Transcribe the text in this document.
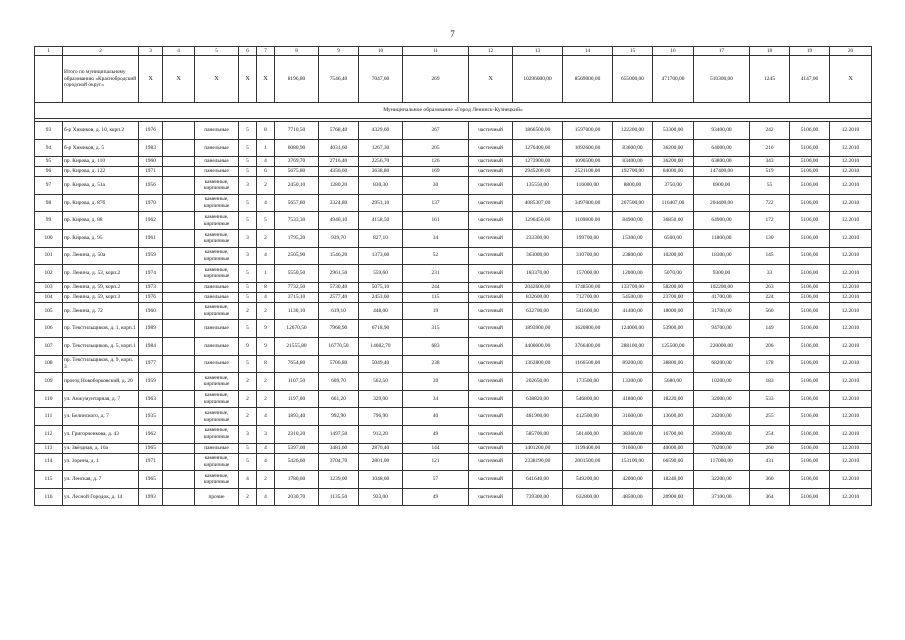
7
1	2	3	4	5	6	7	8	9	10	11	12	13	14	15	16	17	18	19	20
	Итого по муниципальному образованию «Краснобродский городской округ»	X	X	X	X	X	8196,80	7546,40	7047,60	269	X	10296000,00	8569000,00	655000,00	471700,00	510300,00	1245	4147,00	X
Муниципальное образование «Город Ленинск-Кузнецкий»																			

93	б-р Химиков, д. 10, корп.2	1976		панельные	5	8	7710,50	5768,40	4329,60	267	частичный	1866500,00	1597000,00	122200,00	53300,00	93400,00	242	5106,00	12.2010
94	б-р Химиков, д. 5	1983		панельные	5	1	6080,90	4031,60	1267,30	205	частичный	1276400,00	1092600,00	83600,00	36200,00	64000,00	210	5106,00	12.2010
95	пр. Кирова, д. 110	1960		панельные	5	4	3769,70	2716,40	2256,70	126	частичный	1273900,00	1090500,00	83400,00	36200,00	63800,00	343	5106,00	12.2010
96	пр. Кирова, д. 122	1971		панельные	5	6	5675,80	4356,60	3638,80	169	частичный	2945200,00	2521100,00	192700,00	84000,00	147400,00	519	5106,00	12.2010
97	пр. Кирова, д. 51а	1956		каменные, кирпичные	3	2	2450,10	1280,20	830,30	30	частичный	135550,00	116000,00	8800,00	3750,00	6900,00	55	5106,00	12.2010
98	пр. Кирова, д. 87б	1970		каменные, кирпичные	5	4	5657,80	3324,80	2951,10	137	частичный	4085307,00	3497000,00	267500,00	116407,00	204400,00	722	5106,00	12.2010
99	пр. Кирова, д. 88	1962		каменные, кирпичные	5	5	7533,30	4940,10	4158,50	161	частичный	1296450,00	1109800,00	84900,00	36850,00	64900,00	172	5106,00	12.2010
100	пр. Кирова, д. 95	1961		каменные, кирпичные	3	2	1795,20	939,70	827,10	34	частичный	233300,00	199700,00	15300,00	6500,00	11800,00	130	5106,00	12.2010
101	пр. Ленина, д. 50а	1959		каменные, кирпичные	3	4	2505,90	1546,20	1373,60	52	частичный	363000,00	310700,00	23800,00	10200,00	18300,00	145	5106,00	12.2010
102	пр. Ленина, д. 53, корп.2	1974		каменные, кирпичные	5	1	5550,50	2961,50	559,60	231	частичный	183370,00	157000,00	12000,00	5070,00	9300,00	33	5106,00	12.2010
103	пр. Ленина, д. 59, корп.2	1973		панельные	5	8	7732,50	5730,40	5075,10	244	частичный	2042600,00	1748500,00	133700,00	58200,00	102200,00	263	5106,00	12.2010
104	пр. Ленина, д. 59, корп.3	1976		панельные	5	4	3715,10	2577,40	2453,60	115	частичный	832600,00	712700,00	54500,00	23700,00	41700,00	224	5106,00	12.2010
105	пр. Ленина, д. 72	1960		каменные, кирпичные	2	2	1130,10	619,10	448,00	19	частичный	632700,00	541600,00	41400,00	18000,00	31700,00	560	5106,00	12.2010
106	пр. Текстильщиков, д. 1, корп.1	1989		панельные	5	9	12670,50	7968,90	6718,90	315	частичный	1893900,00	1620800,00	124000,00	53900,00	94700,00	149	5106,00	12.2010
107	пр. Текстильщиков, д. 5, корп.1	1984		панельные	9	9	21555,80	16770,50	14682,70	683	частичный	4400000,00	3766400,00	288100,00	125500,00	220000,00	206	5106,00	12.2010
108	пр. Текстильщиков, д. 9, корп. 3	1977		панельные	5	8	7654,80	5706,80	5049,40	238	частичный	1362800,00	1166500,00	89200,00	38800,00	68200,00	178	5106,00	12.2010
109	проезд Новоборковский, д. 20	1959		каменные, кирпичные	2	2	1107,50	609,70	562,50	39	частичный	202650,00	173500,00	13300,00	5680,00	10200,00	183	5106,00	12.2010
110	ул. Анжумунтарная, д. 7	1963		каменные, кирпичные	2	2	1197,00	661,20	329,00	34	частичный	638820,00	546800,00	41800,00	18220,00	32000,00	533	5106,00	12.2010
111	ул. Белинского, д. 7	1935		каменные, кирпичные	2	4	1893,40	992,90	796,90	40	частичный	481900,00	412500,00	31600,00	13600,00	24200,00	255	5106,00	12.2010
112	ул. Григорченкова, д. 43	1962		каменные, кирпичные	3	3	2310,20	1497,50	912,20	49	частичный	585700,00	501400,00	38360,00	16700,00	29300,00	254	5106,00	12.2010
113	ул. Звёздная, д. 10а	1965		панельные	5	4	5397,00	3481,60	2870,40	144	частичный	1401200,00	1199400,00	91600,00	40000,00	70200,00	260	5106,00	12.2010
114	ул. Зорина, д. 1	1971		каменные, кирпичные	5	4	5426,60	3704,70	2801,00	121	частичный	2338190,00	2001500,00	153100,00	66590,00	117000,00	431	5106,00	12.2010
115	ул. Ленская, д. 7	1965		каменные, кирпичные	4	2	1780,60	1239,00	1048,60	57	частичный	641640,00	549200,00	42000,00	18240,00	32200,00	360	5106,00	12.2010
116	ул. Лесной Городок, д. 14	1993		прочие	2	4	2030,70	1135,50	933,00	49	частичный	739300,00	632800,00	48500,00	20900,00	37100,00	364	5106,00	12.2010
